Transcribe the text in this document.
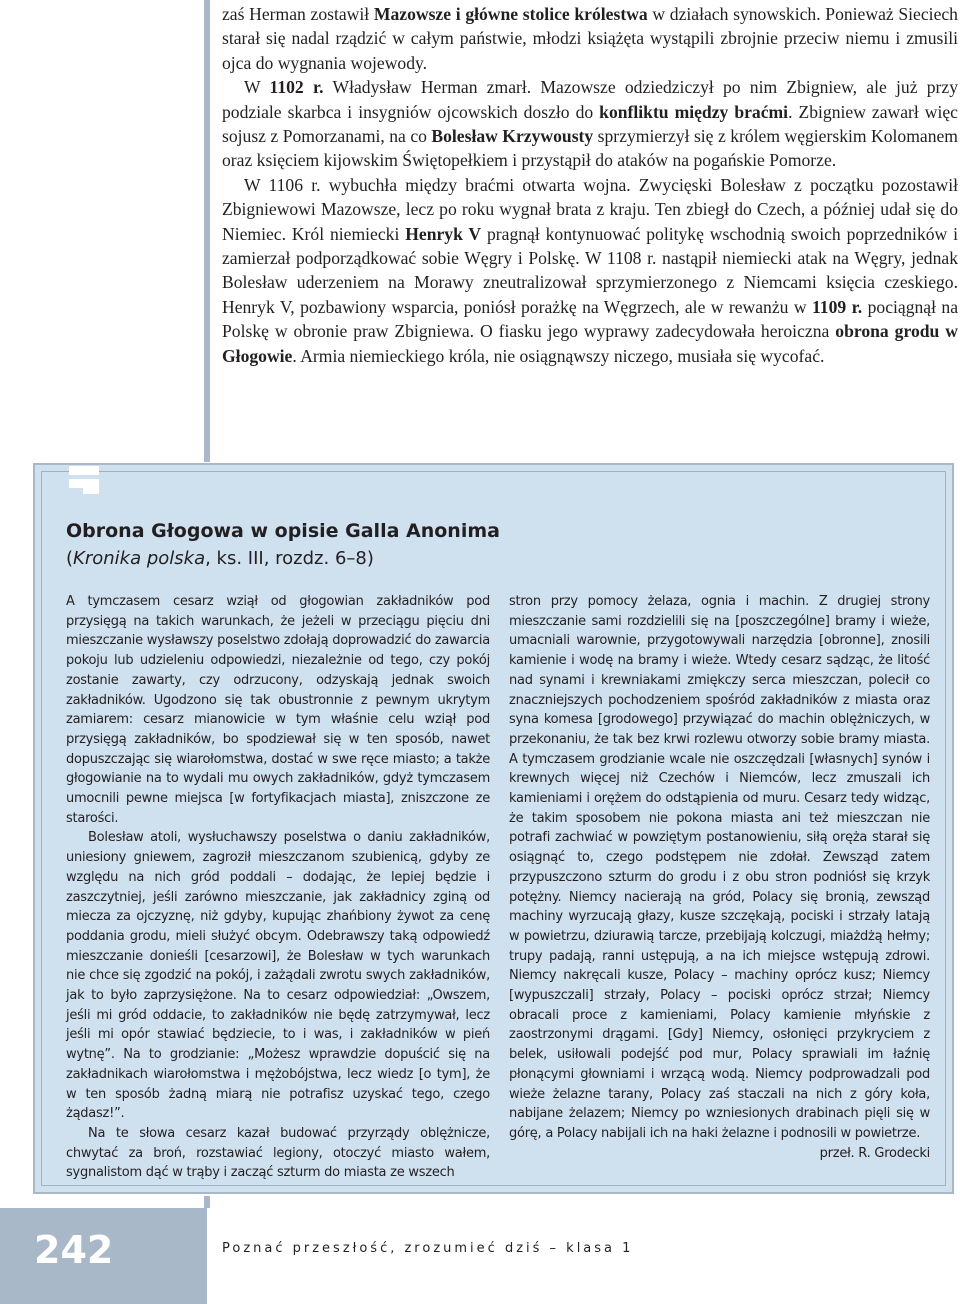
zaś Herman zostawił Mazowsze i główne stolice królestwa w działach synowskich. Ponieważ Sieciech starał się nadal rządzić w całym państwie, młodzi książęta wystąpili zbrojnie przeciw niemu i zmusili ojca do wygnania wojewody.

W 1102 r. Władysław Herman zmarł. Mazowsze odziedziczył po nim Zbigniew, ale już przy podziale skarbca i insygniów ojcowskich doszło do konfliktu między braćmi. Zbigniew zawarł więc sojusz z Pomorzanami, na co Bolesław Krzywousty sprzymierzył się z królem węgierskim Kolomanem oraz księciem kijowskim Świętopełkiem i przystąpił do ataków na pogańskie Pomorze.

W 1106 r. wybuchła między braćmi otwarta wojna. Zwycięski Bolesław z początku pozostawił Zbigniewowi Mazowsze, lecz po roku wygnał brata z kraju. Ten zbiegł do Czech, a później udał się do Niemiec. Król niemiecki Henryk V pragnął kontynuować politykę wschodnią swoich poprzedników i zamierzał podporządkować sobie Węgry i Polskę. W 1108 r. nastąpił niemiecki atak na Węgry, jednak Bolesław uderzeniem na Morawy zneutralizował sprzymierzonego z Niemcami księcia czeskiego. Henryk V, pozbawiony wsparcia, poniósł porażkę na Węgrzech, ale w rewanżu w 1109 r. pociągnął na Polskę w obronie praw Zbigniewa. O fiasku jego wyprawy zadecydowała heroiczna obrona grodu w Głogowie. Armia niemieckiego króla, nie osiągnąwszy niczego, musiała się wycofać.

Obrona Głogowa w opisie Galla Anonima
(Kronika polska, ks. III, rozdz. 6–8)

A tymczasem cesarz wziął od głogowian zakładników pod przysięgą na takich warunkach, że jeżeli w przeciągu pięciu dni mieszczanie wysławszy poselstwo zdołają doprowadzić do zawarcia pokoju lub udzieleniu odpowiedzi, niezależnie od tego, czy pokój zostanie zawarty, czy odrzucony, odzyskają jednak swoich zakładników. Ugodzono się tak obustronnie z pewnym ukrytym zamiarem: cesarz mianowicie w tym właśnie celu wziął pod przysięgą zakładników, bo spodziewał się w ten sposób, nawet dopuszczając się wiarołomstwa, dostać w swe ręce miasto; a także głogowianie na to wydali mu owych zakładników, gdyż tymczasem umocnili pewne miejsca [w fortyfikacjach miasta], zniszczone ze starości.

Bolesław atoli, wysłuchawszy poselstwa o daniu zakładników, uniesiony gniewem, zagroził mieszczanom szubienicą, gdyby ze względu na nich gród poddali – dodając, że lepiej będzie i zaszczytniej, jeśli zarówno mieszczanie, jak zakładnicy zginą od miecza za ojczyznę, niż gdyby, kupując zhańbiony żywot za cenę poddania grodu, mieli służyć obcym. Odebrawszy taką odpowiedź mieszczanie donieśli [cesarzowi], że Bolesław w tych warunkach nie chce się zgodzić na pokój, i zażądali zwrotu swych zakładników, jak to było zaprzysiężone. Na to cesarz odpowiedział: „Owszem, jeśli mi gród oddacie, to zakładników nie będę zatrzymywał, lecz jeśli mi opór stawiać będziecie, to i was, i zakładników w pień wytnę”. Na to grodzianie: „Możesz wprawdzie dopuścić się na zakładnikach wiarołomstwa i mężobójstwa, lecz wiedz [o tym], że w ten sposób żadną miarą nie potrafisz uzyskać tego, czego żądasz!”.

Na te słowa cesarz kazał budować przyrządy oblężnicze, chwytać za broń, rozstawiać legiony, otoczyć miasto wałem, sygnalistom dąć w trąby i zacząć szturm do miasta ze wszech

stron przy pomocy żelaza, ognia i machin. Z drugiej strony mieszczanie sami rozdzielili się na [poszczególne] bramy i wieże, umacniali warownie, przygotowywali narzędzia [obronne], znosili kamienie i wodę na bramy i wieże. Wtedy cesarz sądząc, że litość nad synami i krewniakami zmiękczy serca mieszczan, polecił co znaczniejszych pochodzeniem spośród zakładników z miasta oraz syna komesa [grodowego] przywiązać do machin oblężniczych, w przekonaniu, że tak bez krwi rozlewu otworzy sobie bramy miasta. A tymczasem grodzianie wcale nie oszczędzali [własnych] synów i krewnych więcej niż Czechów i Niemców, lecz zmuszali ich kamieniami i orężem do odstąpienia od muru. Cesarz tedy widząc, że takim sposobem nie pokona miasta ani też mieszczan nie potrafi zachwiać w powziętym postanowieniu, siłą oręża starał się osiągnąć to, czego podstępem nie zdołał. Zewsząd zatem przypuszczono szturm do grodu i z obu stron podniósł się krzyk potężny. Niemcy nacierają na gród, Polacy się bronią, zewsząd machiny wyrzucają głazy, kusze szczękają, pociski i strzały latają w powietrzu, dziurawią tarcze, przebijają kolczugi, miażdżą hełmy; trupy padają, ranni ustępują, a na ich miejsce wstępują zdrowi. Niemcy nakręcali kusze, Polacy – machiny oprócz kusz; Niemcy [wypuszczali] strzały, Polacy – pociski oprócz strzał; Niemcy obracali proce z kamieniami, Polacy kamienie młyńskie z zaostrzonymi drągami. [Gdy] Niemcy, osłonięci przykryciem z belek, usiłowali podejść pod mur, Polacy sprawiali im łaźnię płonącymi głowniami i wrzącą wodą. Niemcy podprowadzali pod wieże żelazne tarany, Polacy zaś staczali na nich z góry koła, nabijane żelazem; Niemcy po wzniesionych drabinach pięli się w górę, a Polacy nabijali ich na haki żelazne i podnosili w powietrze.

przeł. R. Grodecki

242	Poznać przeszłość, zrozumieć dziś – klasa 1
